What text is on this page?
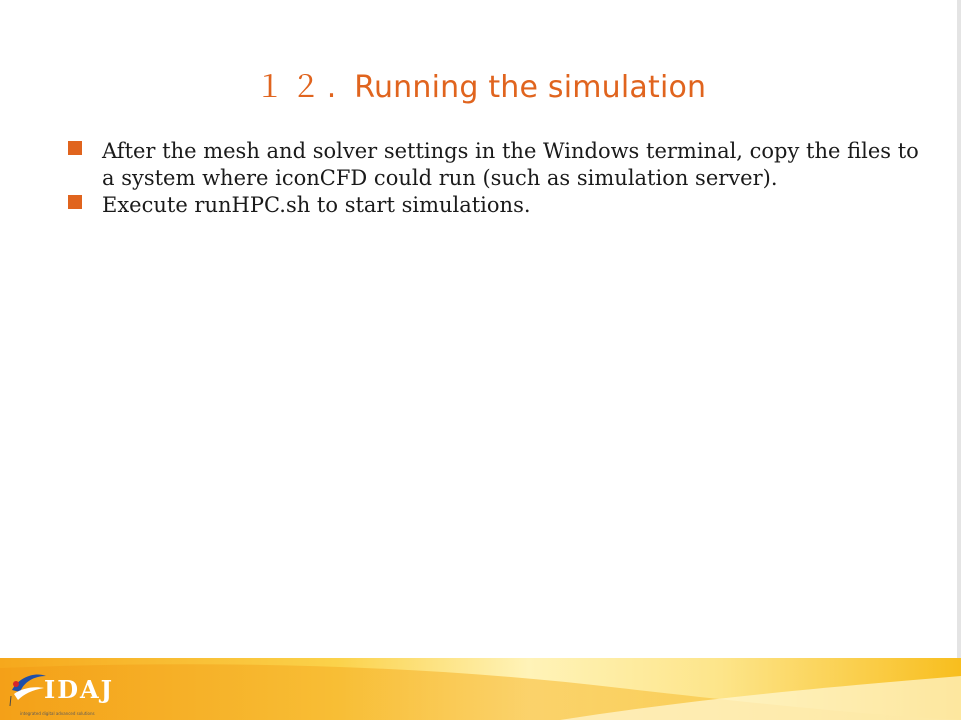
１２. Running the simulation
After the mesh and solver settings in the Windows terminal, copy the files to a system where iconCFD could run (such as simulation server).
Execute runHPC.sh to start simulations.
IDAJ
integrated digital advanced solutions
